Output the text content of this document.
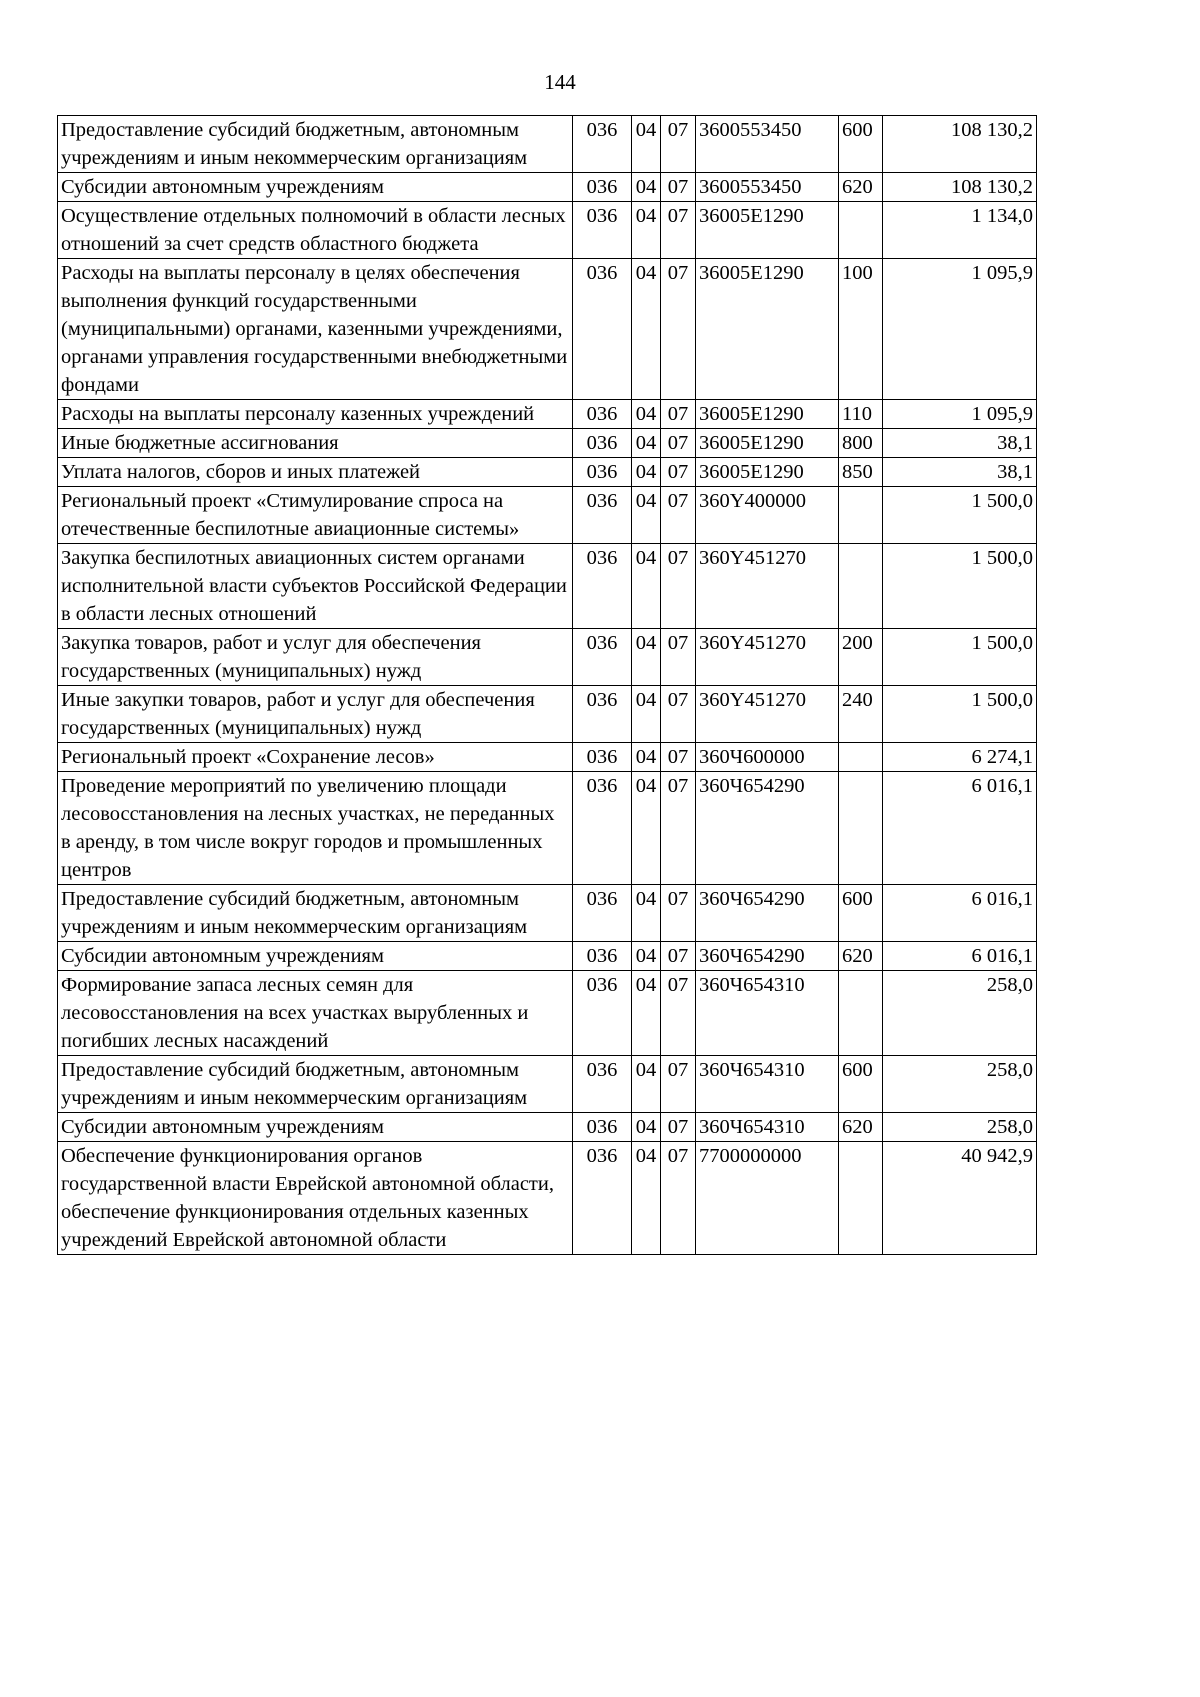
144
Предоставление субсидий бюджетным, автономным учреждениям и иным некоммерческим организациям	036	04	07	3600553450	600	108 130,2
Субсидии автономным учреждениям	036	04	07	3600553450	620	108 130,2
Осуществление отдельных полномочий в области лесных отношений за счет средств областного бюджета	036	04	07	36005E1290		1 134,0
Расходы на выплаты персоналу в целях обеспечения выполнения функций государственными (муниципальными) органами, казенными учреждениями, органами управления государственными внебюджетными фондами	036	04	07	36005E1290	100	1 095,9
Расходы на выплаты персоналу казенных учреждений	036	04	07	36005E1290	110	1 095,9
Иные бюджетные ассигнования	036	04	07	36005E1290	800	38,1
Уплата налогов, сборов и иных платежей	036	04	07	36005E1290	850	38,1
Региональный проект «Стимулирование спроса на отечественные беспилотные авиационные системы»	036	04	07	360Y400000		1 500,0
Закупка беспилотных авиационных систем органами исполнительной власти субъектов Российской Федерации в области лесных отношений	036	04	07	360Y451270		1 500,0
Закупка товаров, работ и услуг для обеспечения государственных (муниципальных) нужд	036	04	07	360Y451270	200	1 500,0
Иные закупки товаров, работ и услуг для обеспечения государственных (муниципальных) нужд	036	04	07	360Y451270	240	1 500,0
Региональный проект «Сохранение лесов»	036	04	07	360Ч600000		6 274,1
Проведение мероприятий по увеличению площади лесовосстановления на лесных участках, не переданных в аренду, в том числе вокруг городов и промышленных центров	036	04	07	360Ч654290		6 016,1
Предоставление субсидий бюджетным, автономным учреждениям и иным некоммерческим организациям	036	04	07	360Ч654290	600	6 016,1
Субсидии автономным учреждениям	036	04	07	360Ч654290	620	6 016,1
Формирование запаса лесных семян для лесовосстановления на всех участках вырубленных и погибших лесных насаждений	036	04	07	360Ч654310		258,0
Предоставление субсидий бюджетным, автономным учреждениям и иным некоммерческим организациям	036	04	07	360Ч654310	600	258,0
Субсидии автономным учреждениям	036	04	07	360Ч654310	620	258,0
Обеспечение функционирования органов государственной власти Еврейской автономной области, обеспечение функционирования отдельных казенных учреждений Еврейской автономной области	036	04	07	7700000000		40 942,9
